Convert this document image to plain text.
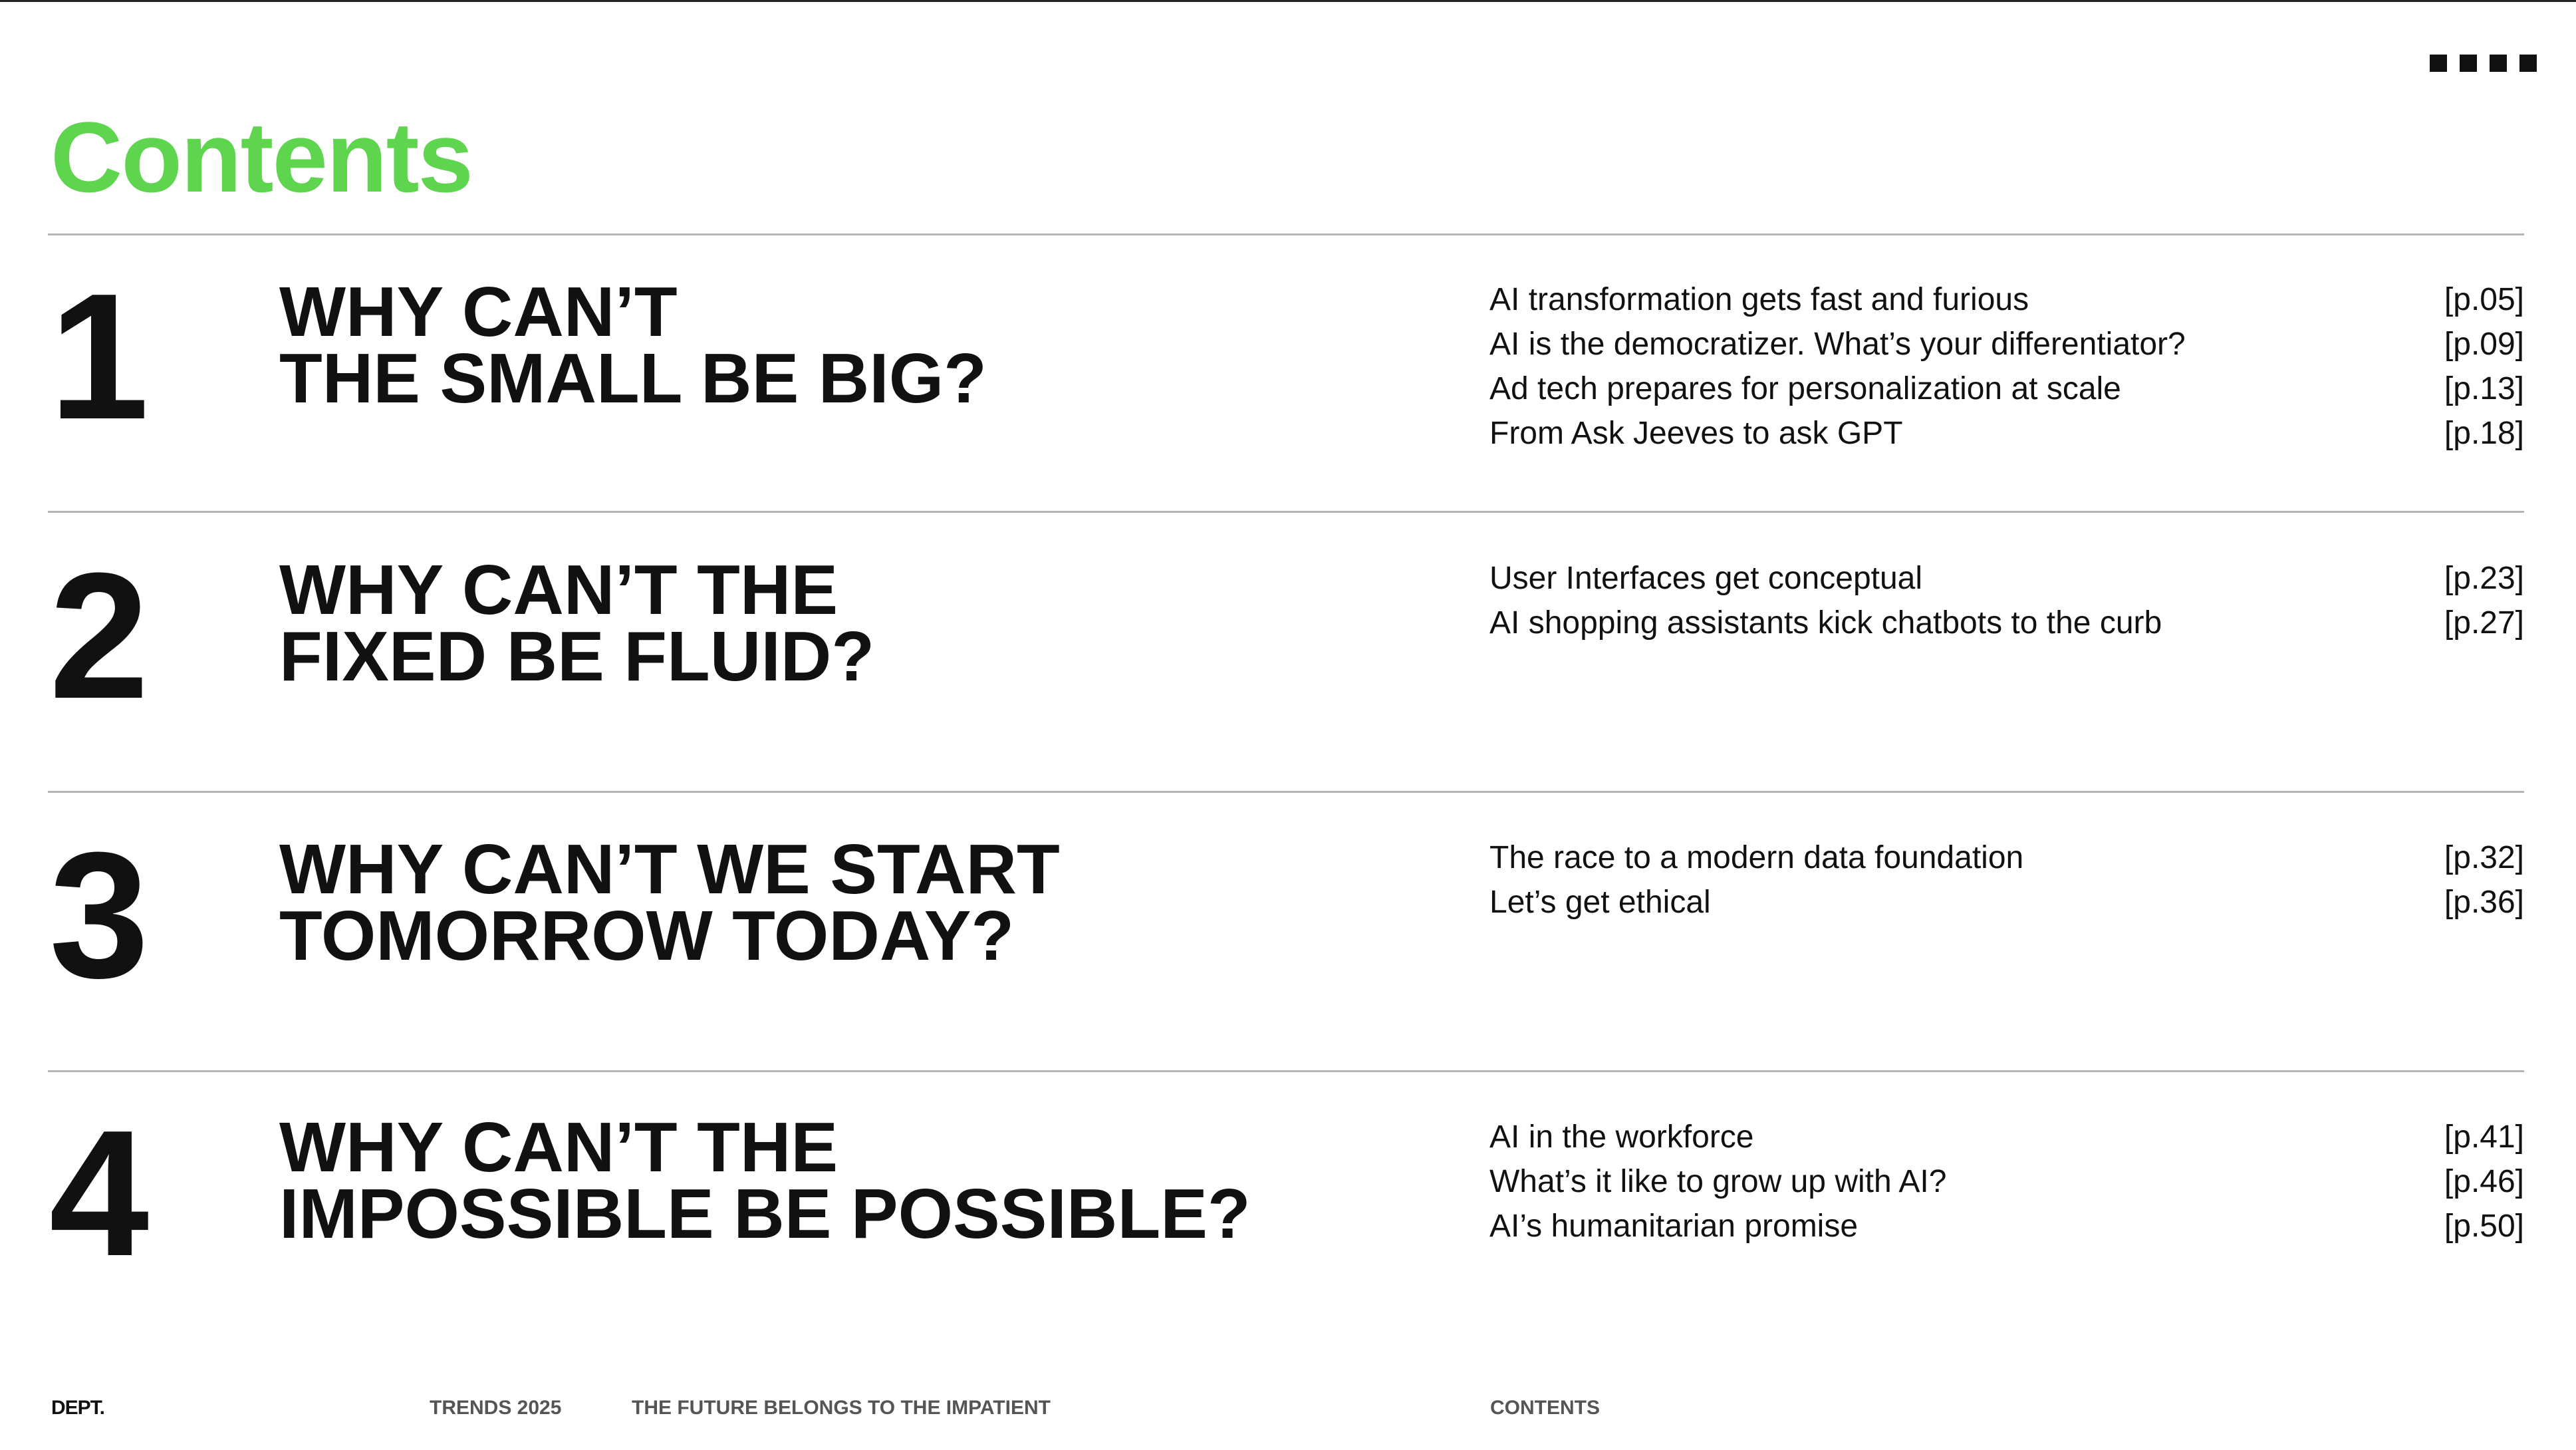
Contents
1 WHY CAN’T
THE SMALL BE BIG?
AI transformation gets fast and furious	[p.05]
AI is the democratizer. What’s your differentiator?	[p.09]
Ad tech prepares for personalization at scale	[p.13]
From Ask Jeeves to ask GPT	[p.18]
2 WHY CAN’T THE
FIXED BE FLUID?
User Interfaces get conceptual	[p.23]
AI shopping assistants kick chatbots to the curb	[p.27]
3 WHY CAN’T WE START
TOMORROW TODAY?
The race to a modern data foundation	[p.32]
Let’s get ethical	[p.36]
4 WHY CAN’T THE
IMPOSSIBLE BE POSSIBLE?
AI in the workforce	[p.41]
What’s it like to grow up with AI?	[p.46]
AI’s humanitarian promise	[p.50]
DEPT.	TRENDS 2025	THE FUTURE BELONGS TO THE IMPATIENT	CONTENTS
